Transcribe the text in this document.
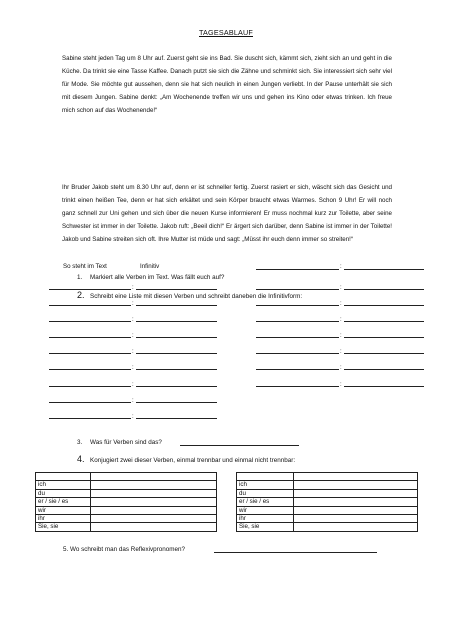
TAGESABLAUF

Sabine steht jeden Tag um 8 Uhr auf. Zuerst geht sie ins Bad. Sie duscht sich, kämmt sich, zieht sich an und geht in die Küche. Da trinkt sie eine Tasse Kaffee. Danach putzt sie sich die Zähne und schminkt sich. Sie interessiert sich sehr viel für Mode. Sie möchte gut aussehen, denn sie hat sich neulich in einen Jungen verliebt. In der Pause unterhält sie sich mit diesem Jungen. Sabine denkt: „Am Wochenende treffen wir uns und gehen ins Kino oder etwas trinken. Ich freue mich schon auf das Wochenende!“

Ihr Bruder Jakob steht um 8.30 Uhr auf, denn er ist schneller fertig. Zuerst rasiert er sich, wäscht sich das Gesicht und trinkt einen heißen Tee, denn er hat sich erkältet und sein Körper braucht etwas Warmes. Schon 9 Uhr! Er will noch ganz schnell zur Uni gehen und sich über die neuen Kurse informieren! Er muss nochmal kurz zur Toilette, aber seine Schwester ist immer in der Toilette. Jakob ruft: „Beeil dich!“ Er ärgert sich darüber, denn Sabine ist immer in der Toilette! Jakob und Sabine streiten sich oft. Ihre Mutter ist müde und sagt: „Müsst ihr euch denn immer so streiten!“

1. Markiert alle Verben im Text. Was fällt euch auf?
2. Schreibt eine Liste mit diesen Verben und schreibt daneben die Infinitivform:
So steht im Text	Infinitiv	:
:
:
:
:
:
:
:
:
:
:
:
:
:
:
:
:
3. Was für Verben sind das?
4. Konjugiert zwei dieser Verben, einmal trennbar und einmal nicht trennbar:

ich	
du	
er / sie / es	
wir	
ihr	
Sie, sie	

ich	
du	
er / sie / es	
wir	
ihr	
Sie, sie	
5. Wo schreibt man das Reflexivpronomen?
